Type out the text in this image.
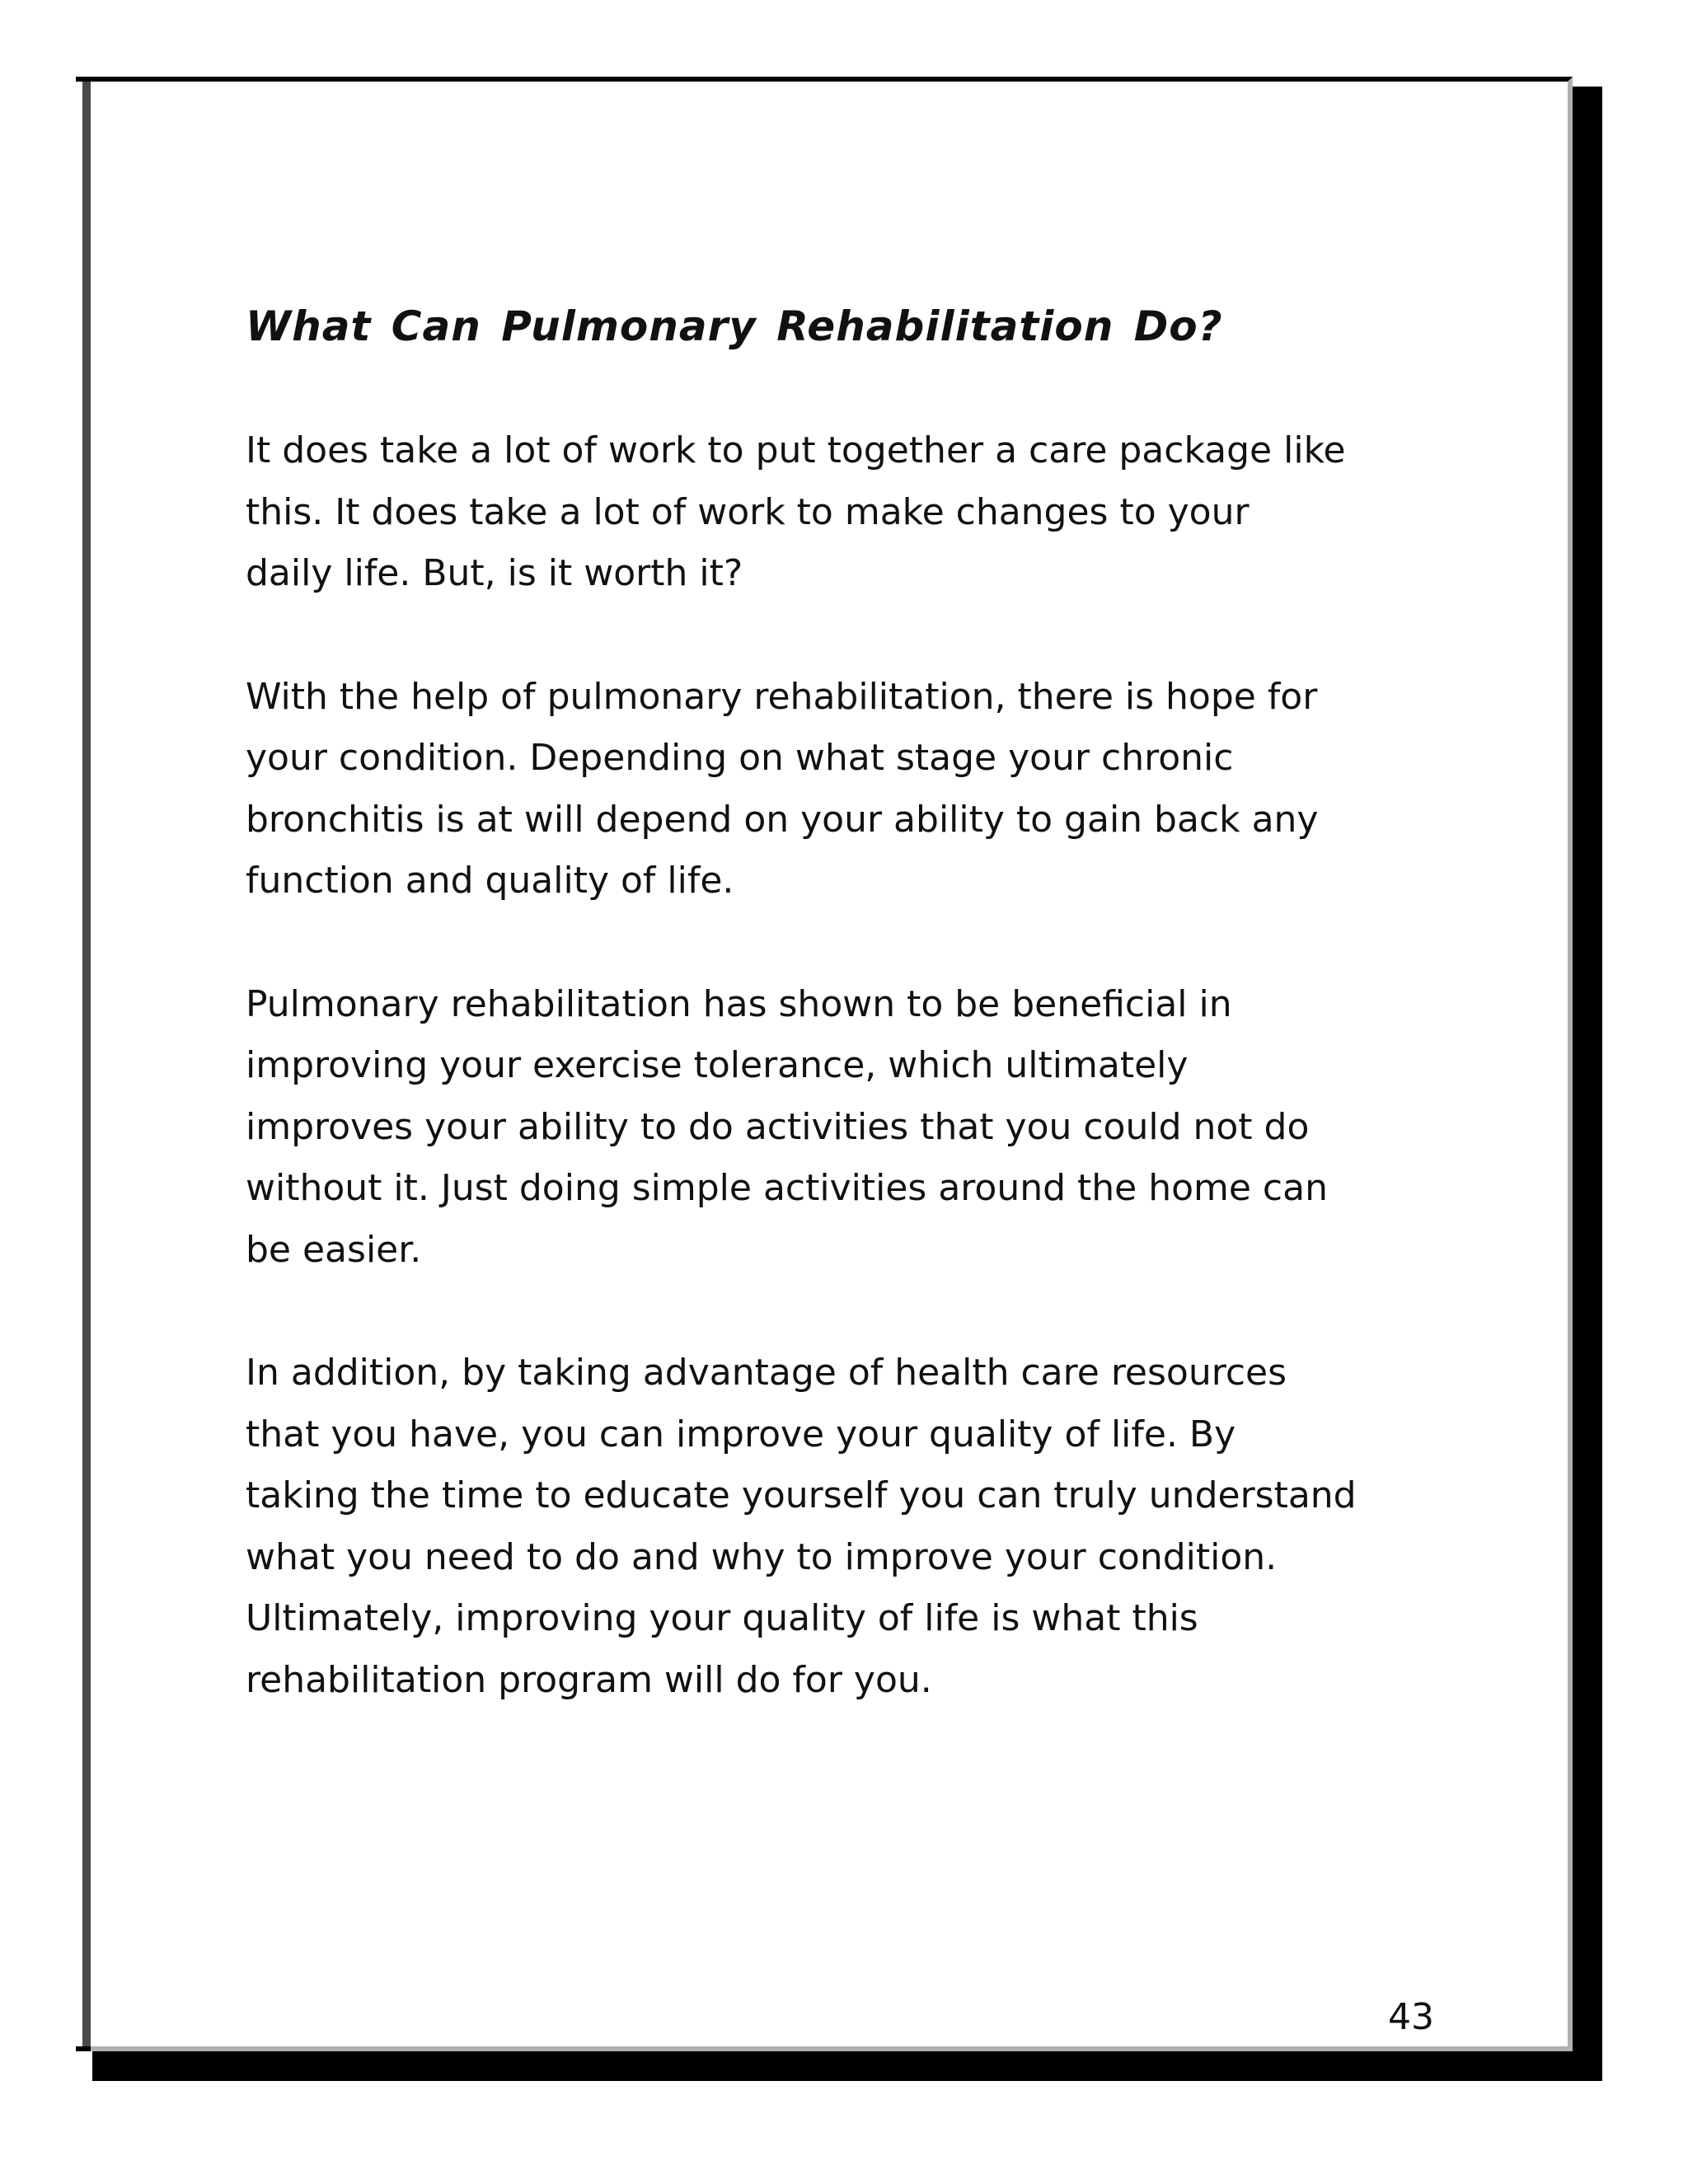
What Can Pulmonary Rehabilitation Do?

It does take a lot of work to put together a care package like
this. It does take a lot of work to make changes to your
daily life. But, is it worth it?

With the help of pulmonary rehabilitation, there is hope for
your condition. Depending on what stage your chronic
bronchitis is at will depend on your ability to gain back any
function and quality of life.

Pulmonary rehabilitation has shown to be beneficial in
improving your exercise tolerance, which ultimately
improves your ability to do activities that you could not do
without it. Just doing simple activities around the home can
be easier.

In addition, by taking advantage of health care resources
that you have, you can improve your quality of life. By
taking the time to educate yourself you can truly understand
what you need to do and why to improve your condition.
Ultimately, improving your quality of life is what this
rehabilitation program will do for you.

43
